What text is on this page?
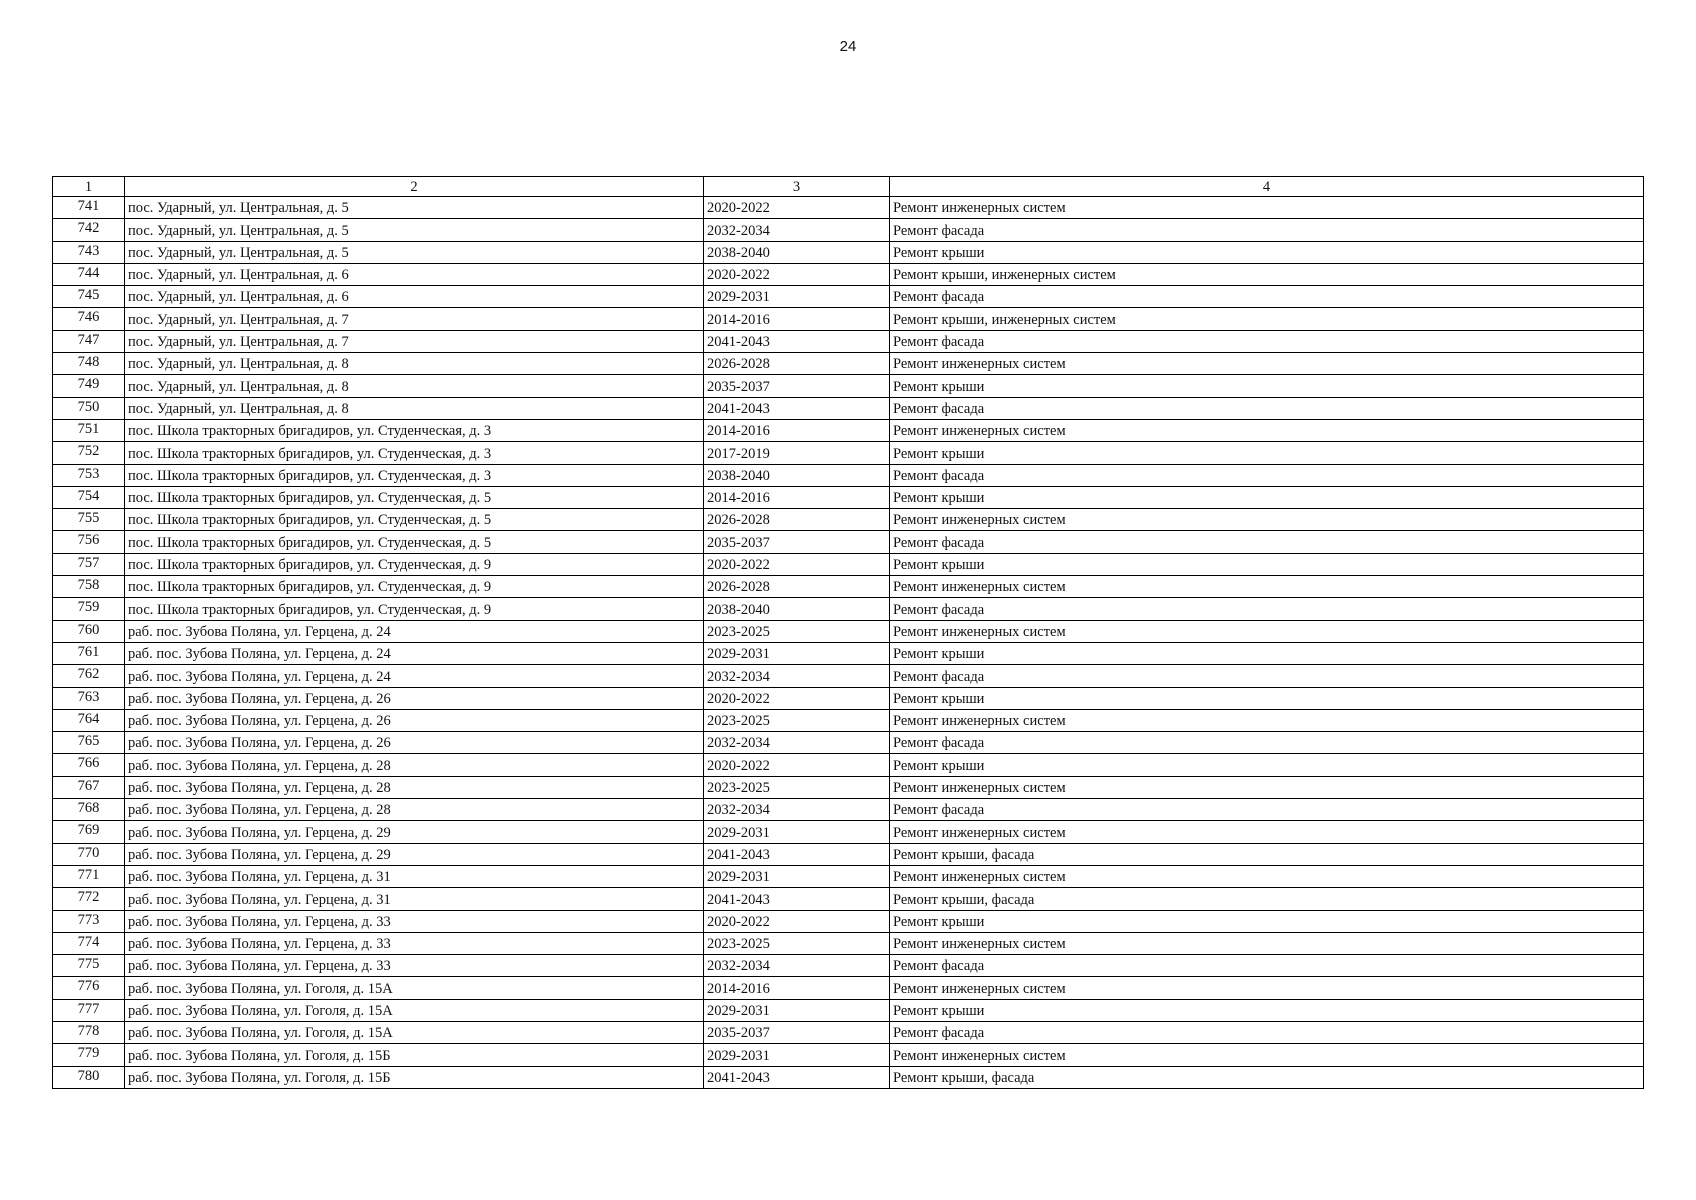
24
1	2	3	4
741	пос. Ударный, ул. Центральная, д. 5	2020-2022	Ремонт инженерных систем
742	пос. Ударный, ул. Центральная, д. 5	2032-2034	Ремонт фасада
743	пос. Ударный, ул. Центральная, д. 5	2038-2040	Ремонт крыши
744	пос. Ударный, ул. Центральная, д. 6	2020-2022	Ремонт крыши, инженерных систем
745	пос. Ударный, ул. Центральная, д. 6	2029-2031	Ремонт фасада
746	пос. Ударный, ул. Центральная, д. 7	2014-2016	Ремонт крыши, инженерных систем
747	пос. Ударный, ул. Центральная, д. 7	2041-2043	Ремонт фасада
748	пос. Ударный, ул. Центральная, д. 8	2026-2028	Ремонт инженерных систем
749	пос. Ударный, ул. Центральная, д. 8	2035-2037	Ремонт крыши
750	пос. Ударный, ул. Центральная, д. 8	2041-2043	Ремонт фасада
751	пос. Школа тракторных бригадиров, ул. Студенческая, д. 3	2014-2016	Ремонт инженерных систем
752	пос. Школа тракторных бригадиров, ул. Студенческая, д. 3	2017-2019	Ремонт крыши
753	пос. Школа тракторных бригадиров, ул. Студенческая, д. 3	2038-2040	Ремонт фасада
754	пос. Школа тракторных бригадиров, ул. Студенческая, д. 5	2014-2016	Ремонт крыши
755	пос. Школа тракторных бригадиров, ул. Студенческая, д. 5	2026-2028	Ремонт инженерных систем
756	пос. Школа тракторных бригадиров, ул. Студенческая, д. 5	2035-2037	Ремонт фасада
757	пос. Школа тракторных бригадиров, ул. Студенческая, д. 9	2020-2022	Ремонт крыши
758	пос. Школа тракторных бригадиров, ул. Студенческая, д. 9	2026-2028	Ремонт инженерных систем
759	пос. Школа тракторных бригадиров, ул. Студенческая, д. 9	2038-2040	Ремонт фасада
760	раб. пос. Зубова Поляна, ул. Герцена, д. 24	2023-2025	Ремонт инженерных систем
761	раб. пос. Зубова Поляна, ул. Герцена, д. 24	2029-2031	Ремонт крыши
762	раб. пос. Зубова Поляна, ул. Герцена, д. 24	2032-2034	Ремонт фасада
763	раб. пос. Зубова Поляна, ул. Герцена, д. 26	2020-2022	Ремонт крыши
764	раб. пос. Зубова Поляна, ул. Герцена, д. 26	2023-2025	Ремонт инженерных систем
765	раб. пос. Зубова Поляна, ул. Герцена, д. 26	2032-2034	Ремонт фасада
766	раб. пос. Зубова Поляна, ул. Герцена, д. 28	2020-2022	Ремонт крыши
767	раб. пос. Зубова Поляна, ул. Герцена, д. 28	2023-2025	Ремонт инженерных систем
768	раб. пос. Зубова Поляна, ул. Герцена, д. 28	2032-2034	Ремонт фасада
769	раб. пос. Зубова Поляна, ул. Герцена, д. 29	2029-2031	Ремонт инженерных систем
770	раб. пос. Зубова Поляна, ул. Герцена, д. 29	2041-2043	Ремонт крыши, фасада
771	раб. пос. Зубова Поляна, ул. Герцена, д. 31	2029-2031	Ремонт инженерных систем
772	раб. пос. Зубова Поляна, ул. Герцена, д. 31	2041-2043	Ремонт крыши, фасада
773	раб. пос. Зубова Поляна, ул. Герцена, д. 33	2020-2022	Ремонт крыши
774	раб. пос. Зубова Поляна, ул. Герцена, д. 33	2023-2025	Ремонт инженерных систем
775	раб. пос. Зубова Поляна, ул. Герцена, д. 33	2032-2034	Ремонт фасада
776	раб. пос. Зубова Поляна, ул. Гоголя, д. 15А	2014-2016	Ремонт инженерных систем
777	раб. пос. Зубова Поляна, ул. Гоголя, д. 15А	2029-2031	Ремонт крыши
778	раб. пос. Зубова Поляна, ул. Гоголя, д. 15А	2035-2037	Ремонт фасада
779	раб. пос. Зубова Поляна, ул. Гоголя, д. 15Б	2029-2031	Ремонт инженерных систем
780	раб. пос. Зубова Поляна, ул. Гоголя, д. 15Б	2041-2043	Ремонт крыши, фасада
